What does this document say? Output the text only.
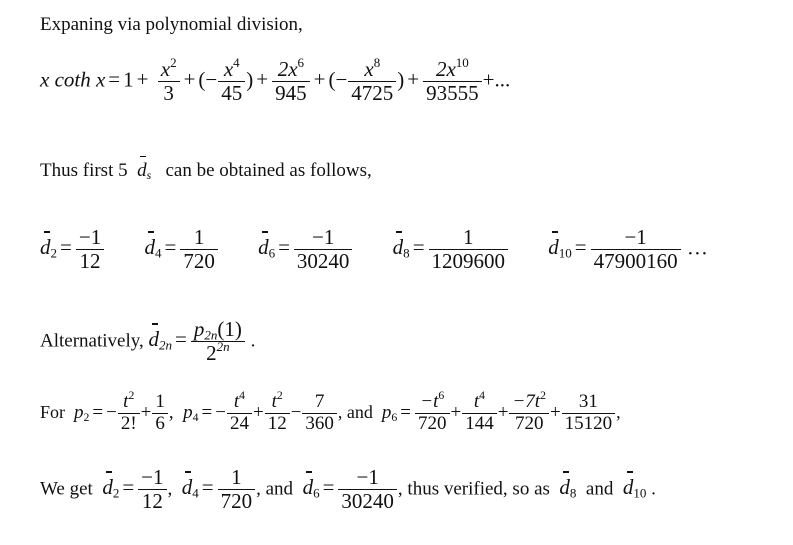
Expaning via polynomial division,
x coth $x = 1 + \frac{x^2}{3}$ + (− $\frac{x^4}{45}$ ) + $\frac{2x^6}{945}$ + (− $\frac{x^8}{4725}$ ) + $\frac{2x^{10}}{93555}$ +...
Thus first 5 $d_s$ can be obtained as follows,
$d_2 = \frac{-1}{12} d_4 = \frac{1}{720} d_6 = \frac{-1}{30240} d_8 = \frac{1}{1209600} d_{10} = \frac{-1}{47900160}$ …
Alternatively, $d_{2n} = \frac{p_{2n}(1)}{2^{2n}}$ .
For $p_2$ = − $\frac{t^2}{2!} + \frac{1}{6}$ ,  $p_4$ = − $\frac{t^4}{24} + \frac{t^2}{12} - \frac{7}{360}$ , and $p_6 = \frac{-t^6}{720} + \frac{t^4}{144} + \frac{-7t^2}{720} + \frac{31}{15120}$ ,
We get $d_2 = \frac{-1}{12}$ ,  $d_4 = \frac{1}{720}$ , and $d_6 = \frac{-1}{30240}$ , thus verified, so as $d_8$ and $d_{10}$ .
